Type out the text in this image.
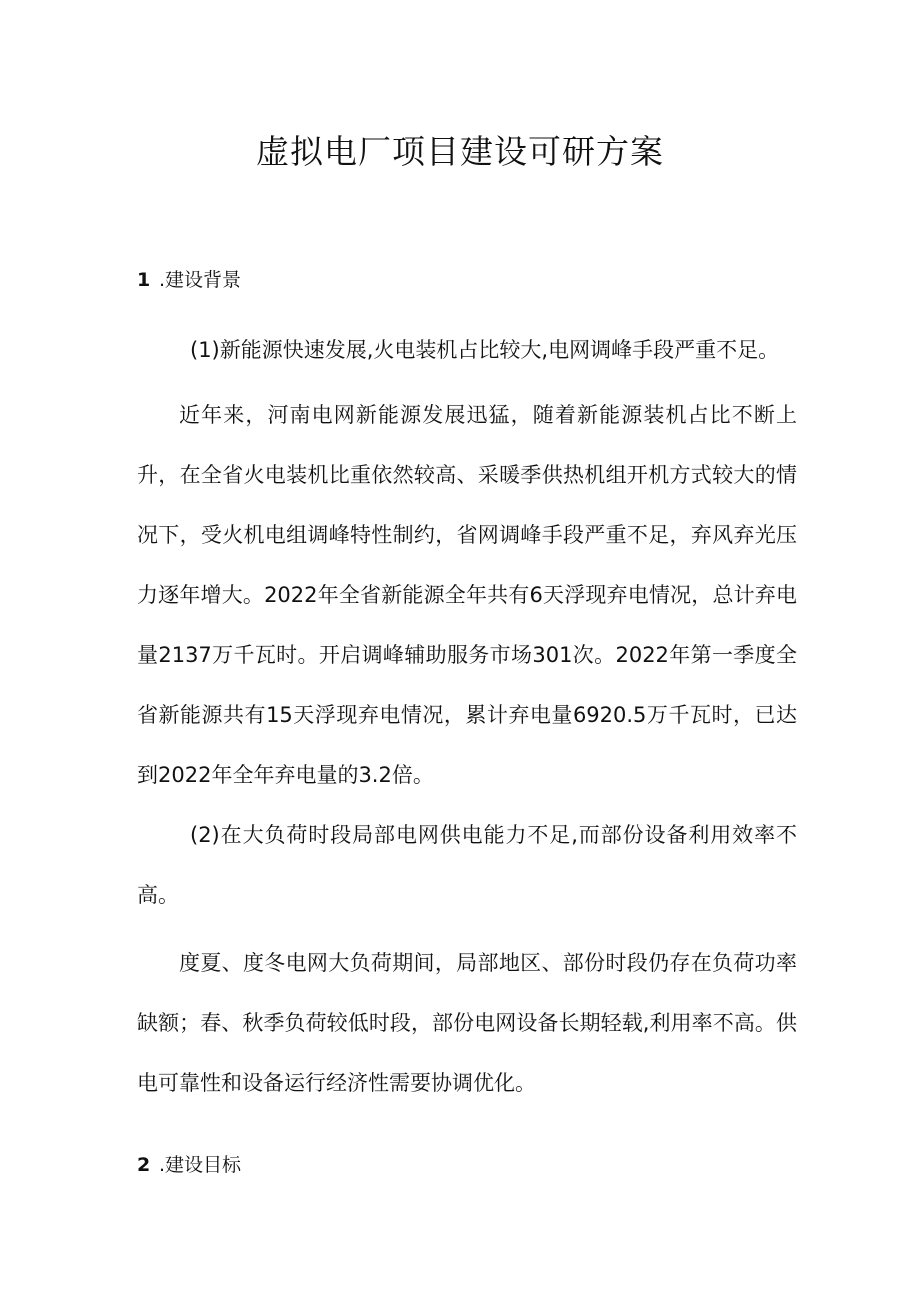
虚拟电厂项目建设可研方案
1 .建设背景

(1)新能源快速发展,火电装机占比较大,电网调峰手段严重不足。

近年来，河南电网新能源发展迅猛，随着新能源装机占比不断上升，在全省火电装机比重依然较高、采暖季供热机组开机方式较大的情况下，受火机电组调峰特性制约，省网调峰手段严重不足，弃风弃光压力逐年增大。2022年全省新能源全年共有6天浮现弃电情况，总计弃电量2137万千瓦时。开启调峰辅助服务市场301次。2022年第一季度全省新能源共有15天浮现弃电情况，累计弃电量6920.5万千瓦时，已达到2022年全年弃电量的3.2倍。

(2)在大负荷时段局部电网供电能力不足,而部份设备利用效率不高。

度夏、度冬电网大负荷期间，局部地区、部份时段仍存在负荷功率缺额；春、秋季负荷较低时段，部份电网设备长期轻载,利用率不高。供电可靠性和设备运行经济性需要协调优化。

2 .建设目标
